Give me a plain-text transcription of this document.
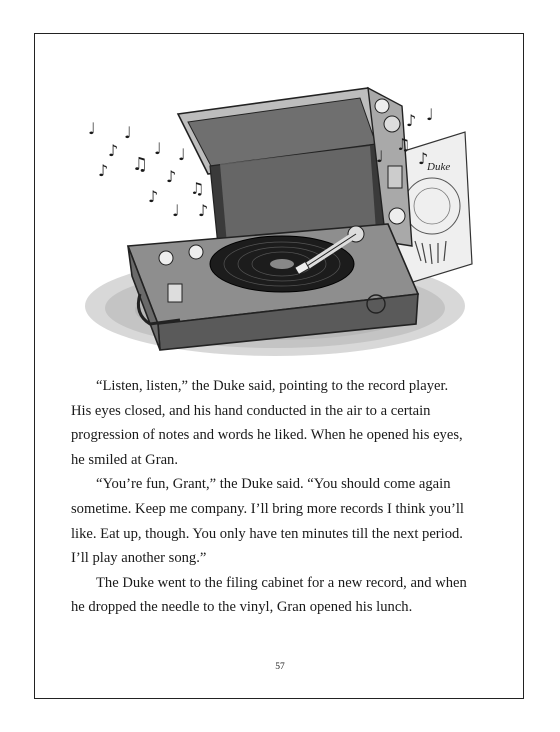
Duke
♩
♪
♩
♪ ♫
♩
♪
♩
♫
♪
♩ ♪
♪ ♩
♫
♪
♩

“Listen, listen,” the Duke said, pointing to the record player.

His eyes closed, and his hand conducted in the air to a certain

progression of notes and words he liked. When he opened his eyes,

he smiled at Gran.

“You’re fun, Grant,” the Duke said. “You should come again

sometime. Keep me company. I’ll bring more records I think you’ll

like. Eat up, though. You only have ten minutes till the next period.

I’ll play another song.”

The Duke went to the filing cabinet for a new record, and when

he dropped the needle to the vinyl, Gran opened his lunch.

57
